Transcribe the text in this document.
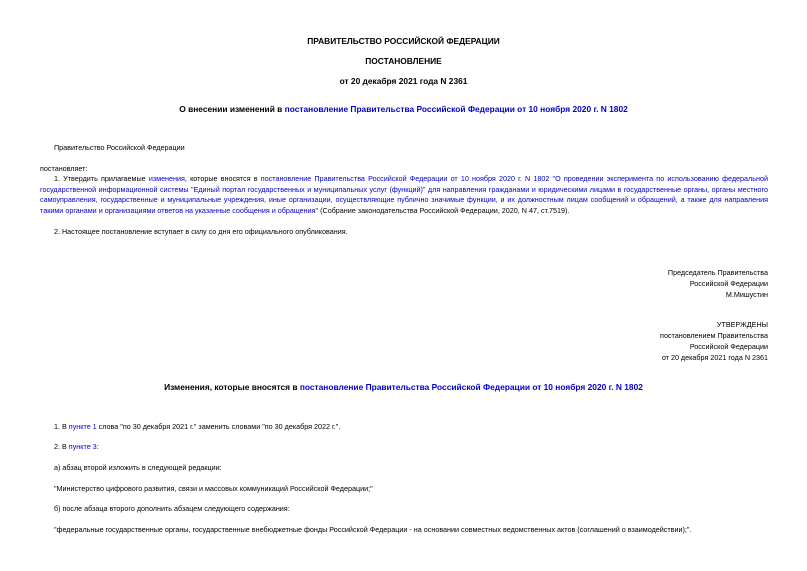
ПРАВИТЕЛЬСТВО РОССИЙСКОЙ ФЕДЕРАЦИИ
ПОСТАНОВЛЕНИЕ
от 20 декабря 2021 года N 2361
О внесении изменений в постановление Правительства Российской Федерации от 10 ноября 2020 г. N 1802
Правительство Российской Федерации
постановляет:
1. Утвердить прилагаемые изменения, которые вносятся в постановление Правительства Российской Федерации от 10 ноября 2020 г. N 1802 "О проведении эксперимента по использованию федеральной государственной информационной системы "Единый портал государственных и муниципальных услуг (функций)" для направления гражданами и юридическими лицами в государственные органы, органы местного самоуправления, государственные и муниципальные учреждения, иные организации, осуществляющие публично значимые функции, и их должностным лицам сообщений и обращений, а также для направления такими органами и организациями ответов на указанные сообщения и обращения" (Собрание законодательства Российской Федерации, 2020, N 47, ст.7519).
2. Настоящее постановление вступает в силу со дня его официального опубликования.
Председатель Правительства
Российской Федерации
М.Мишустин
УТВЕРЖДЕНЫ
постановлением Правительства
Российской Федерации
от 20 декабря 2021 года N 2361
Изменения, которые вносятся в постановление Правительства Российской Федерации от 10 ноября 2020 г. N 1802
1. В пункте 1 слова "по 30 декабря 2021 г." заменить словами "по 30 декабря 2022 г.".
2. В пункте 3:
а) абзац второй изложить в следующей редакции:
"Министерство цифрового развития, связи и массовых коммуникаций Российской Федерации;"
б) после абзаца второго дополнить абзацем следующего содержания:
"федеральные государственные органы, государственные внебюджетные фонды Российской Федерации - на основании совместных ведомственных актов (соглашений о взаимодействии);".
